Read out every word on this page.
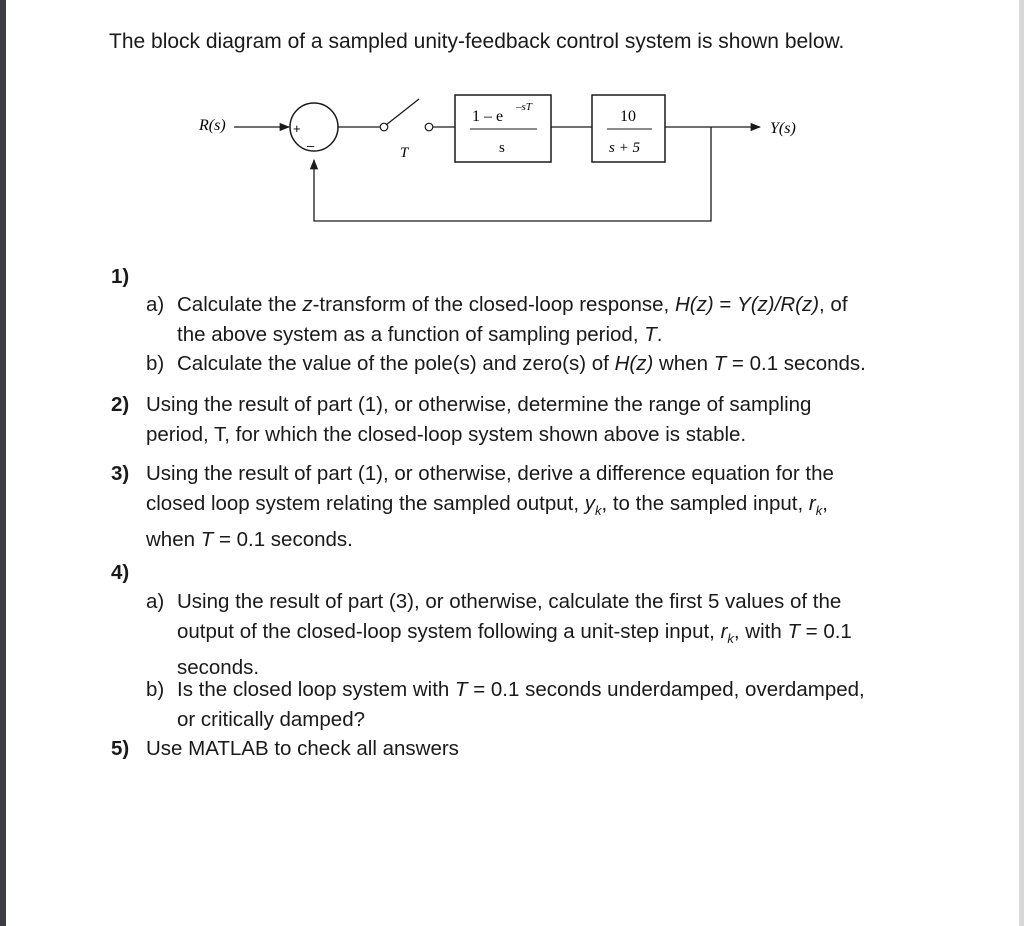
The block diagram of a sampled unity-feedback control system is shown below.
R(s)	+
–	T
1 – e
–sT
s
10
s + 5
Y(s)
1)
a) Calculate the z-transform of the closed-loop response, H(z) = Y(z)/R(z), of
the above system as a function of sampling period, T.
b) Calculate the value of the pole(s) and zero(s) of H(z) when T = 0.1 seconds.
2) Using the result of part (1), or otherwise, determine the range of sampling
period, T, for which the closed-loop system shown above is stable.
3) Using the result of part (1), or otherwise, derive a difference equation for the
closed loop system relating the sampled output, $y_k$, to the sampled input, $r_k$,
when T = 0.1 seconds.
4)
a) Using the result of part (3), or otherwise, calculate the first 5 values of the
output of the closed-loop system following a unit-step input, $r_k$, with T = 0.1
seconds.
b) Is the closed loop system with T = 0.1 seconds underdamped, overdamped,
or critically damped?
5) Use MATLAB to check all answers
